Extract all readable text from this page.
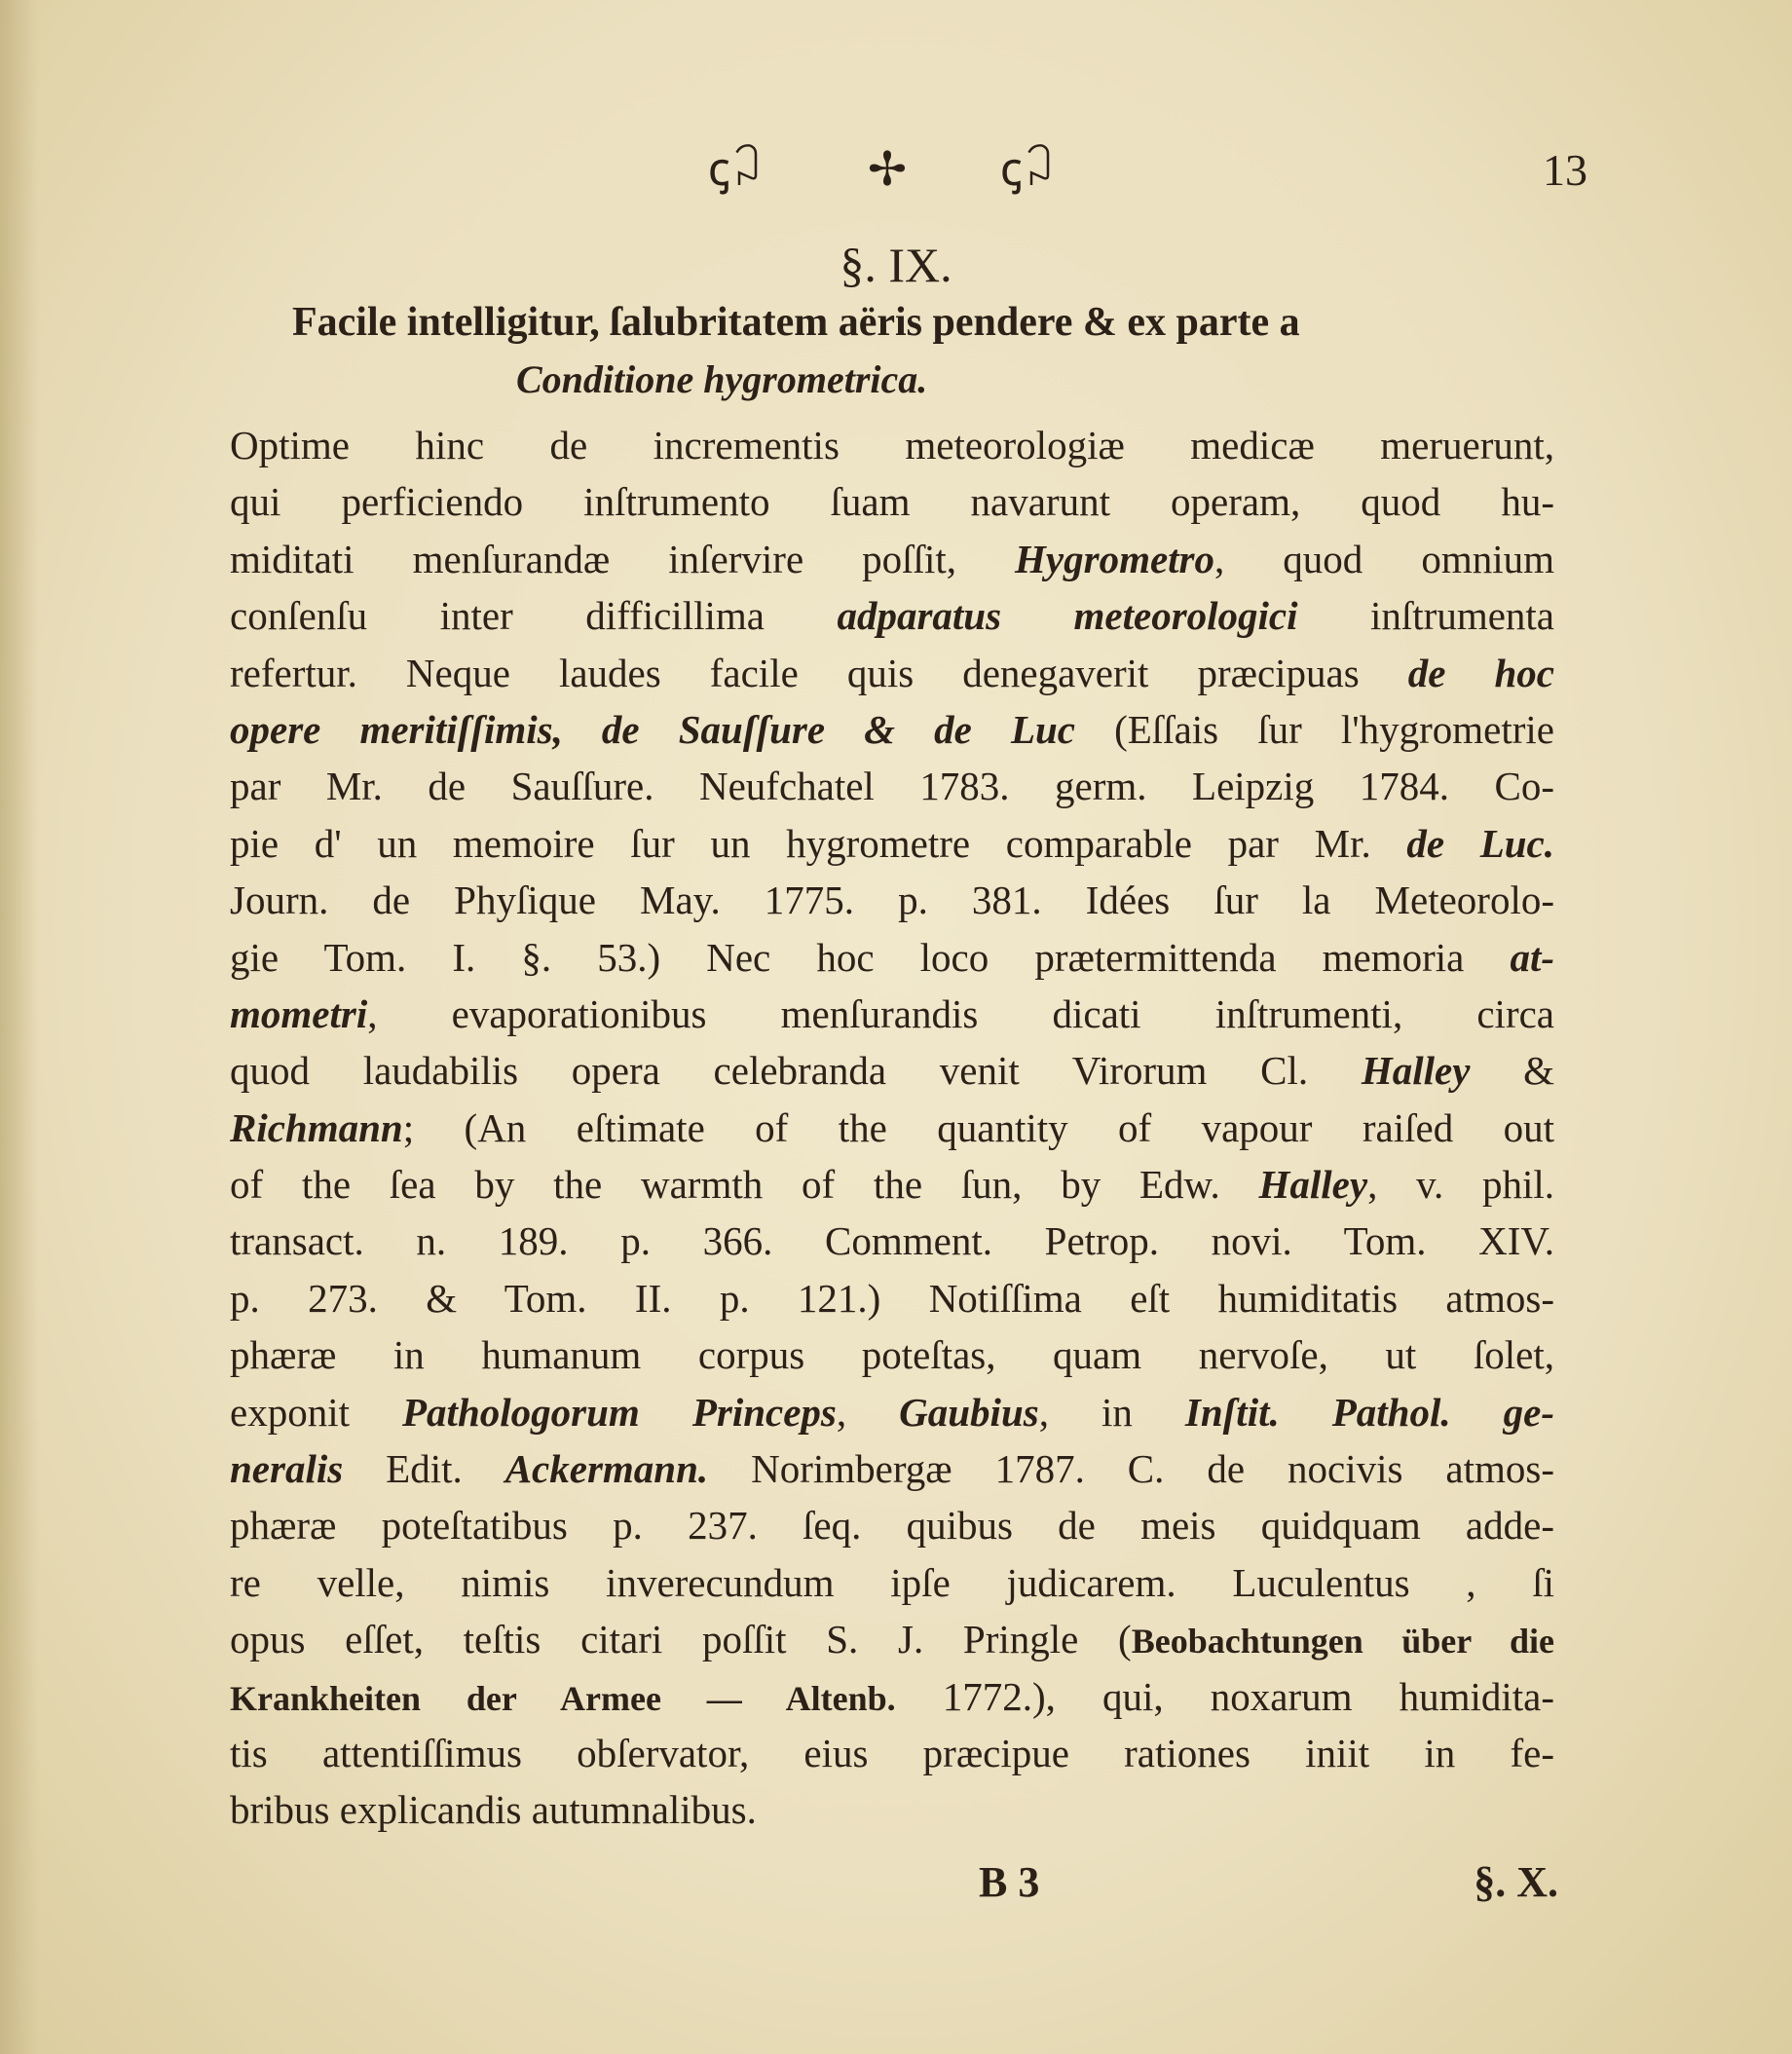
ꞔ꒜	✢	ꞔ꒜	13
§. IX.
Facile intelligitur, ſalubritatem aëris pendere & ex parte a
Conditione hygrometrica.
Optime hinc de incrementis meteorologiæ medicæ meruerunt,
qui perficiendo inſtrumento ſuam navarunt operam, quod hu-
miditati menſurandæ inſervire poſſit, Hygrometro, quod omnium
conſenſu inter difficillima adparatus meteorologici inſtrumenta
refertur. Neque laudes facile quis denegaverit præcipuas de hoc
opere meritiſſimis, de Sauſſure & de Luc (Eſſais ſur l'hygrometrie
par Mr. de Sauſſure. Neufchatel 1783. germ. Leipzig 1784. Co-
pie d' un memoire ſur un hygrometre comparable par Mr. de Luc.
Journ. de Phyſique May. 1775. p. 381. Idées ſur la Meteorolo-
gie Tom. I. §. 53.) Nec hoc loco prætermittenda memoria at-
mometri, evaporationibus menſurandis dicati inſtrumenti, circa
quod laudabilis opera celebranda venit Virorum Cl. Halley &
Richmann; (An eſtimate of the quantity of vapour raiſed out
of the ſea by the warmth of the ſun, by Edw. Halley, v. phil.
transact. n. 189. p. 366. Comment. Petrop. novi. Tom. XIV.
p. 273. & Tom. II. p. 121.) Notiſſima eſt humiditatis atmos-
phæræ in humanum corpus poteſtas, quam nervoſe, ut ſolet,
exponit Pathologorum Princeps, Gaubius, in Inſtit. Pathol. ge-
neralis Edit. Ackermann. Norimbergæ 1787. C. de nocivis atmos-
phæræ poteſtatibus p. 237. ſeq. quibus de meis quidquam adde-
re velle, nimis inverecundum ipſe judicarem. Luculentus , ſi
opus eſſet, teſtis citari poſſit S. J. Pringle (Beobachtungen über die
Krankheiten der Armee — Altenb. 1772.), qui, noxarum humidita-
tis attentiſſimus obſervator, eius præcipue rationes iniit in fe-
bribus explicandis autumnalibus.
B 3	§. X.
